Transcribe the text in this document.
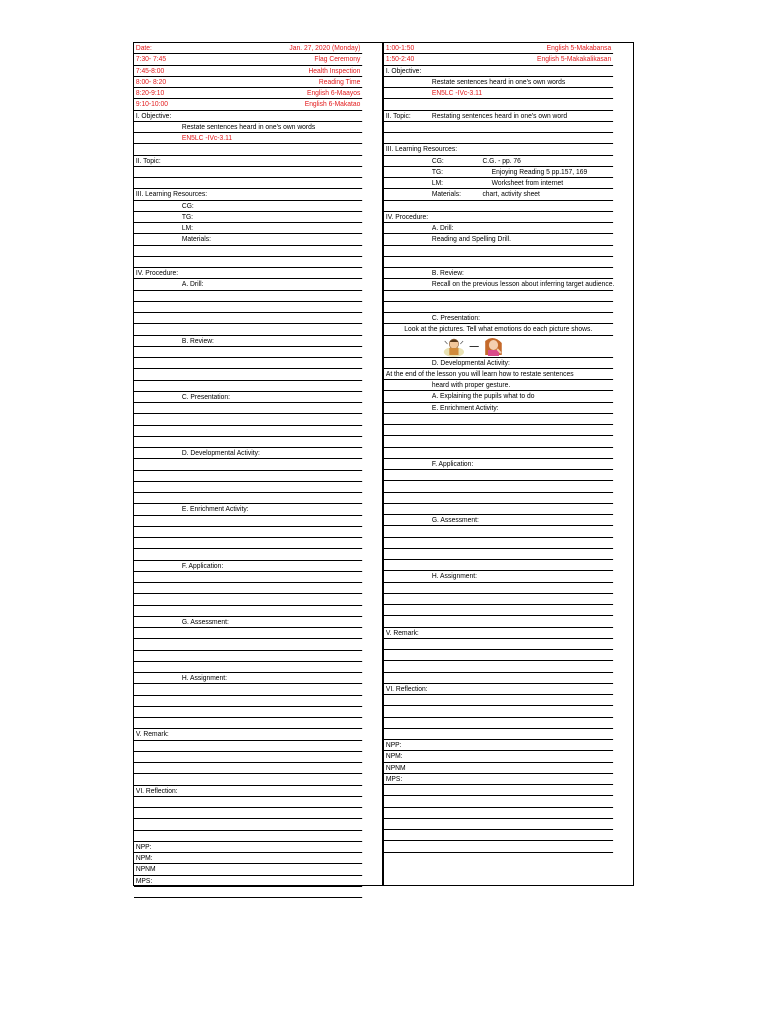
Date:	Jan. 27, 2020 (Monday)
7:30- 7:45	Flag Ceremony
7:45-8:00	Health Inspection
8:00- 8:20	Reading Time
8:20-9:10	English 6-Maayos
9:10-10:00	English 6-Makatao
I. Objective:
Restate sentences heard in one's own words
EN5LC -IVc-3.11
II. Topic:
III. Learning Resources:
CG:
TG:
LM:
Materials:
IV. Procedure:
A. Drill:
B. Review:
C. Presentation:
D. Developmental Activity:
E. Enrichment Activity:
F. Application:
G. Assessment:
H. Assignment:
V. Remark:
VI. Reflection:
NPP:
NPM:
NPNM
MPS:
1:00-1:50	English 5-Makabansa
1:50-2:40	English 5-Makakalikasan
I. Objective:
Restate sentences heard in one's own words
EN5LC -IVc-3.11
II. Topic:	Restating sentences heard in one's own word
III. Learning Resources:
CG:	C.G. - pp. 76
TG:	Enjoying Reading 5 pp.157, 169
LM:	Worksheet from internet
Materials:	chart, activity sheet
IV. Procedure:
A. Drill:
Reading and Spelling Drill.
B. Review:
Recall on the previous lesson about inferring target audience.
C. Presentation:
Look at the pictures. Tell what emotions do each picture shows.
D. Developmental Activity:
At the end of the lesson you will learn how to restate sentences
heard with proper gesture.
A. Explaining the pupils what to do
E. Enrichment Activity:
F. Application:
G. Assessment:
H. Assignment:
V. Remark:
VI. Reflection:
NPP:
NPM:
NPNM
MPS:
